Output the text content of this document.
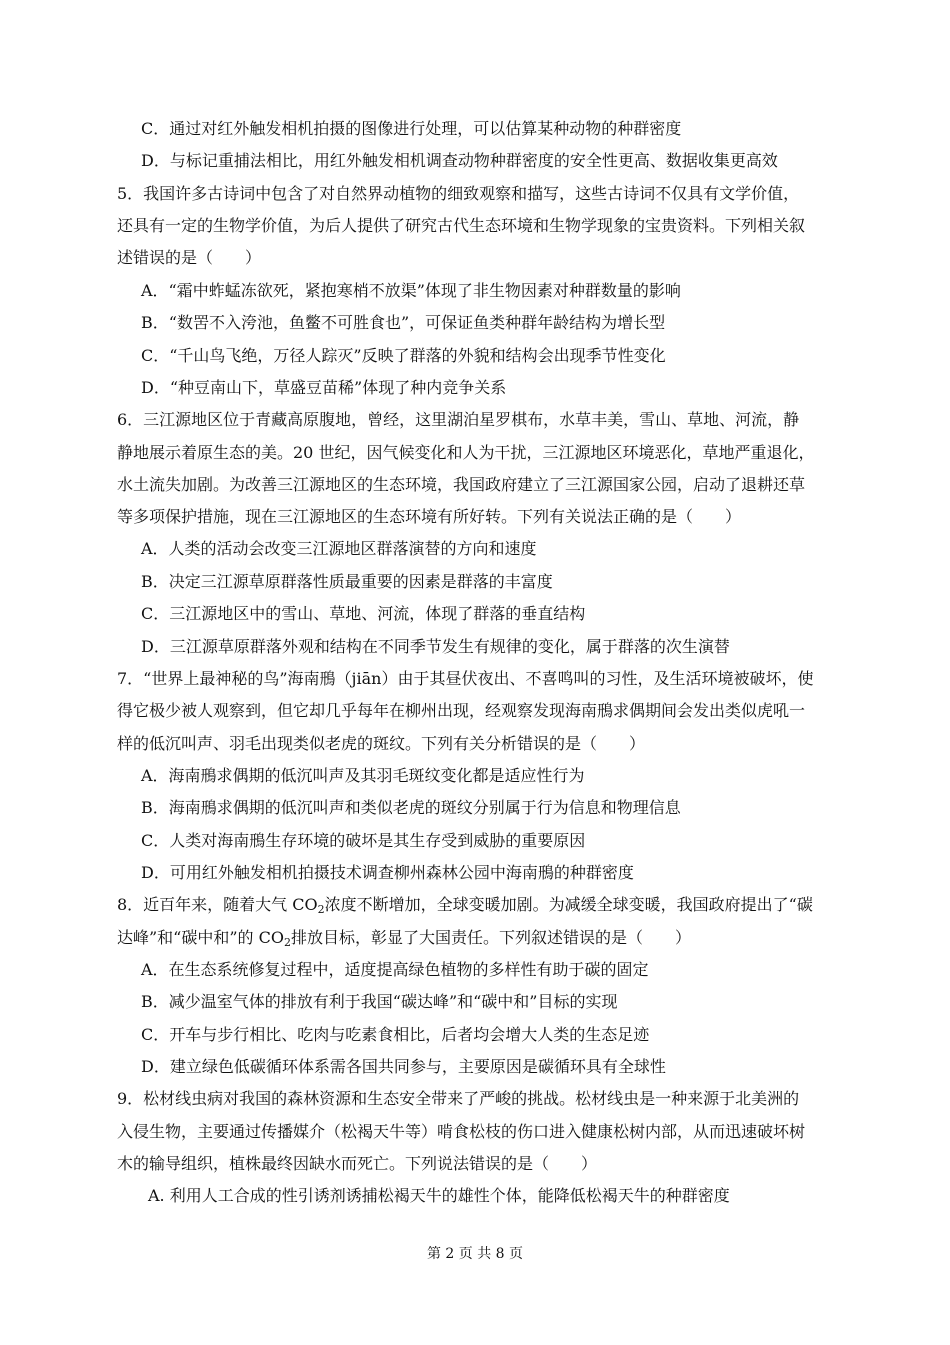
C．通过对红外触发相机拍摄的图像进行处理，可以估算某种动物的种群密度
D．与标记重捕法相比，用红外触发相机调查动物种群密度的安全性更高、数据收集更高效
5．我国许多古诗词中包含了对自然界动植物的细致观察和描写，这些古诗词不仅具有文学价值，
还具有一定的生物学价值，为后人提供了研究古代生态环境和生物学现象的宝贵资料。下列相关叙
述错误的是（　　）
A．“霜中蚱蜢冻欲死，紧抱寒梢不放渠”体现了非生物因素对种群数量的影响
B．“数罟不入洿池，鱼鳖不可胜食也”，可保证鱼类种群年龄结构为增长型
C．“千山鸟飞绝，万径人踪灭”反映了群落的外貌和结构会出现季节性变化
D．“种豆南山下，草盛豆苗稀”体现了种内竞争关系
6．三江源地区位于青藏高原腹地，曾经，这里湖泊星罗棋布，水草丰美，雪山、草地、河流，静
静地展示着原生态的美。20 世纪，因气候变化和人为干扰，三江源地区环境恶化，草地严重退化，
水土流失加剧。为改善三江源地区的生态环境，我国政府建立了三江源国家公园，启动了退耕还草
等多项保护措施，现在三江源地区的生态环境有所好转。下列有关说法正确的是（　　）
A．人类的活动会改变三江源地区群落演替的方向和速度
B．决定三江源草原群落性质最重要的因素是群落的丰富度
C．三江源地区中的雪山、草地、河流，体现了群落的垂直结构
D．三江源草原群落外观和结构在不同季节发生有规律的变化，属于群落的次生演替
7．“世界上最神秘的鸟”海南鳽（jiān）由于其昼伏夜出、不喜鸣叫的习性，及生活环境被破坏，使
得它极少被人观察到，但它却几乎每年在柳州出现，经观察发现海南鳽求偶期间会发出类似虎吼一
样的低沉叫声、羽毛出现类似老虎的斑纹。下列有关分析错误的是（　　）
A．海南鳽求偶期的低沉叫声及其羽毛斑纹变化都是适应性行为
B．海南鳽求偶期的低沉叫声和类似老虎的斑纹分别属于行为信息和物理信息
C．人类对海南鳽生存环境的破坏是其生存受到威胁的重要原因
D．可用红外触发相机拍摄技术调查柳州森林公园中海南鳽的种群密度
8．近百年来，随着大气 $CO_2$浓度不断增加，全球变暖加剧。为减缓全球变暖，我国政府提出了“碳
达峰”和“碳中和”的 $CO_2$排放目标，彰显了大国责任。下列叙述错误的是（　　）
A．在生态系统修复过程中，适度提高绿色植物的多样性有助于碳的固定
B．减少温室气体的排放有利于我国“碳达峰”和“碳中和”目标的实现
C．开车与步行相比、吃肉与吃素食相比，后者均会增大人类的生态足迹
D．建立绿色低碳循环体系需各国共同参与，主要原因是碳循环具有全球性
9．松材线虫病对我国的森林资源和生态安全带来了严峻的挑战。松材线虫是一种来源于北美洲的
入侵生物，主要通过传播媒介（松褐天牛等）啃食松枝的伤口进入健康松树内部，从而迅速破坏树
木的输导组织，植株最终因缺水而死亡。下列说法错误的是（　　）
A. 利用人工合成的性引诱剂诱捕松褐天牛的雄性个体，能降低松褐天牛的种群密度
第 2 页 共 8 页
